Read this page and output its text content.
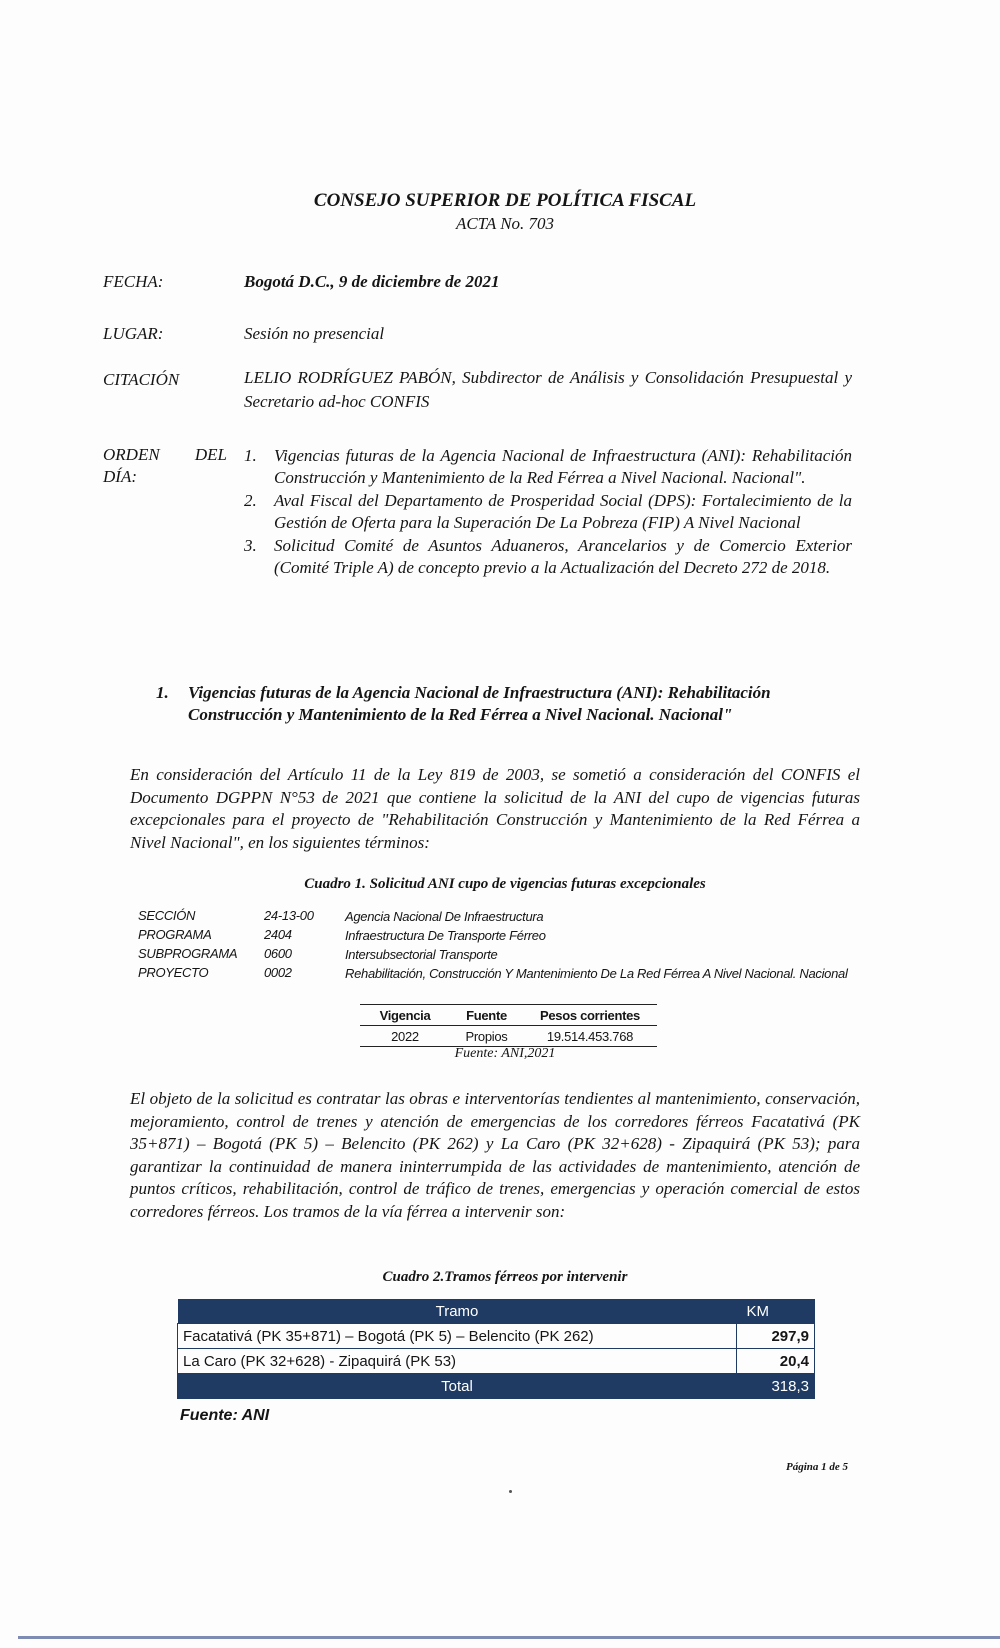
CONSEJO SUPERIOR DE POLÍTICA FISCAL
ACTA No. 703
FECHA:	Bogotá D.C., 9 de diciembre de 2021
LUGAR:	Sesión no presencial
CITACIÓN	LELIO RODRÍGUEZ PABÓN, Subdirector de Análisis y Consolidación Presupuestal y Secretario ad-hoc CONFIS
ORDEN DEL
DÍA:
1. Vigencias futuras de la Agencia Nacional de Infraestructura (ANI): Rehabilitación Construcción y Mantenimiento de la Red Férrea a Nivel Nacional. Nacional".
2. Aval Fiscal del Departamento de Prosperidad Social (DPS): Fortalecimiento de la Gestión de Oferta para la Superación De La Pobreza (FIP) A Nivel Nacional
3. Solicitud Comité de Asuntos Aduaneros, Arancelarios y de Comercio Exterior (Comité Triple A) de concepto previo a la Actualización del Decreto 272 de 2018.
1.	Vigencias futuras de la Agencia Nacional de Infraestructura (ANI): Rehabilitación Construcción y Mantenimiento de la Red Férrea a Nivel Nacional. Nacional"
En consideración del Artículo 11 de la Ley 819 de 2003, se sometió a consideración del CONFIS el Documento DGPPN N°53 de 2021 que contiene la solicitud de la ANI del cupo de vigencias futuras excepcionales para el proyecto de "Rehabilitación Construcción y Mantenimiento de la Red Férrea a Nivel Nacional", en los siguientes términos:
Cuadro 1. Solicitud ANI cupo de vigencias futuras excepcionales
SECCIÓN	24-13-00	Agencia Nacional De Infraestructura
PROGRAMA	2404	Infraestructura De Transporte Férreo
SUBPROGRAMA	0600	Intersubsectorial Transporte
PROYECTO	0002	Rehabilitación, Construcción Y Mantenimiento De La Red Férrea A Nivel Nacional. Nacional
Vigencia	Fuente	Pesos corrientes
2022	Propios	19.514.453.768
Fuente: ANI,2021
El objeto de la solicitud es contratar las obras e interventorías tendientes al mantenimiento, conservación, mejoramiento, control de trenes y atención de emergencias de los corredores férreos Facatativá (PK 35+871) – Bogotá (PK 5) – Belencito (PK 262) y La Caro (PK 32+628) - Zipaquirá (PK 53); para garantizar la continuidad de manera ininterrumpida de las actividades de mantenimiento, atención de puntos críticos, rehabilitación, control de tráfico de trenes, emergencias y operación comercial de estos corredores férreos. Los tramos de la vía férrea a intervenir son:
Cuadro 2.Tramos férreos por intervenir
Tramo	KM
Facatativá (PK 35+871) – Bogotá (PK 5) – Belencito (PK 262)	297,9
La Caro (PK 32+628) - Zipaquirá (PK 53)	20,4
Total	318,3
Fuente: ANI
Página 1 de 5
